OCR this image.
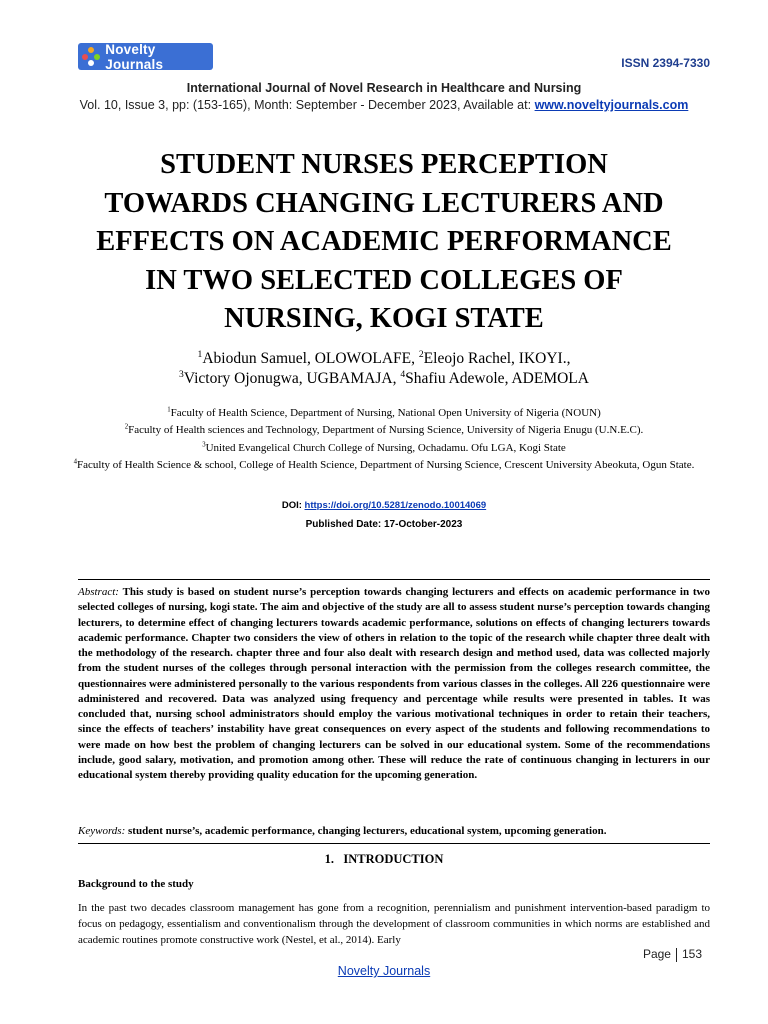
Novelty Journals	ISSN 2394-7330
International Journal of Novel Research in Healthcare and Nursing
Vol. 10, Issue 3, pp: (153-165), Month: September - December 2023, Available at: www.noveltyjournals.com
STUDENT NURSES PERCEPTION
TOWARDS CHANGING LECTURERS AND
EFFECTS ON ACADEMIC PERFORMANCE
IN TWO SELECTED COLLEGES OF
NURSING, KOGI STATE
$^1$Abiodun Samuel, OLOWOLAFE, $^2$Eleojo Rachel, IKOYI.,
$^3$Victory Ojonugwa, UGBAMAJA, $^4$Shafiu Adewole, ADEMOLA
$^1$Faculty of Health Science, Department of Nursing, National Open University of Nigeria (NOUN)
$^2$Faculty of Health sciences and Technology, Department of Nursing Science, University of Nigeria Enugu (U.N.E.C).
$^3$United Evangelical Church College of Nursing, Ochadamu. Ofu LGA, Kogi State
$^4$Faculty of Health Science & school, College of Health Science, Department of Nursing Science, Crescent University Abeokuta, Ogun State.
DOI: https://doi.org/10.5281/zenodo.10014069
Published Date: 17-October-2023
Abstract: This study is based on student nurse’s perception towards changing lecturers and effects on academic performance in two selected colleges of nursing, kogi state. The aim and objective of the study are all to assess student nurse’s perception towards changing lecturers, to determine effect of changing lecturers towards academic performance, solutions on effects of changing lecturers towards academic performance. Chapter two considers the view of others in relation to the topic of the research while chapter three dealt with the methodology of the research. chapter three and four also dealt with research design and method used, data was collected majorly from the student nurses of the colleges through personal interaction with the permission from the colleges research committee, the questionnaires were administered personally to the various respondents from various classes in the colleges. All 226 questionnaire were administered and recovered. Data was analyzed using frequency and percentage while results were presented in tables. It was concluded that, nursing school administrators should employ the various motivational techniques in order to retain their teachers, since the effects of teachers’ instability have great consequences on every aspect of the students and following recommendations to were made on how best the problem of changing lecturers can be solved in our educational system. Some of the recommendations include, good salary, motivation, and promotion among other. These will reduce the rate of continuous changing in lecturers in our educational system thereby providing quality education for the upcoming generation.
Keywords: student nurse’s, academic performance, changing lecturers, educational system, upcoming generation.
1.   INTRODUCTION
Background to the study
In the past two decades classroom management has gone from a recognition, perennialism and punishment intervention-based paradigm to focus on pedagogy, essentialism and conventionalism through the development of classroom communities in which norms are established and academic routines promote constructive work (Nestel, et al., 2014). Early
Page 153
Novelty Journals
